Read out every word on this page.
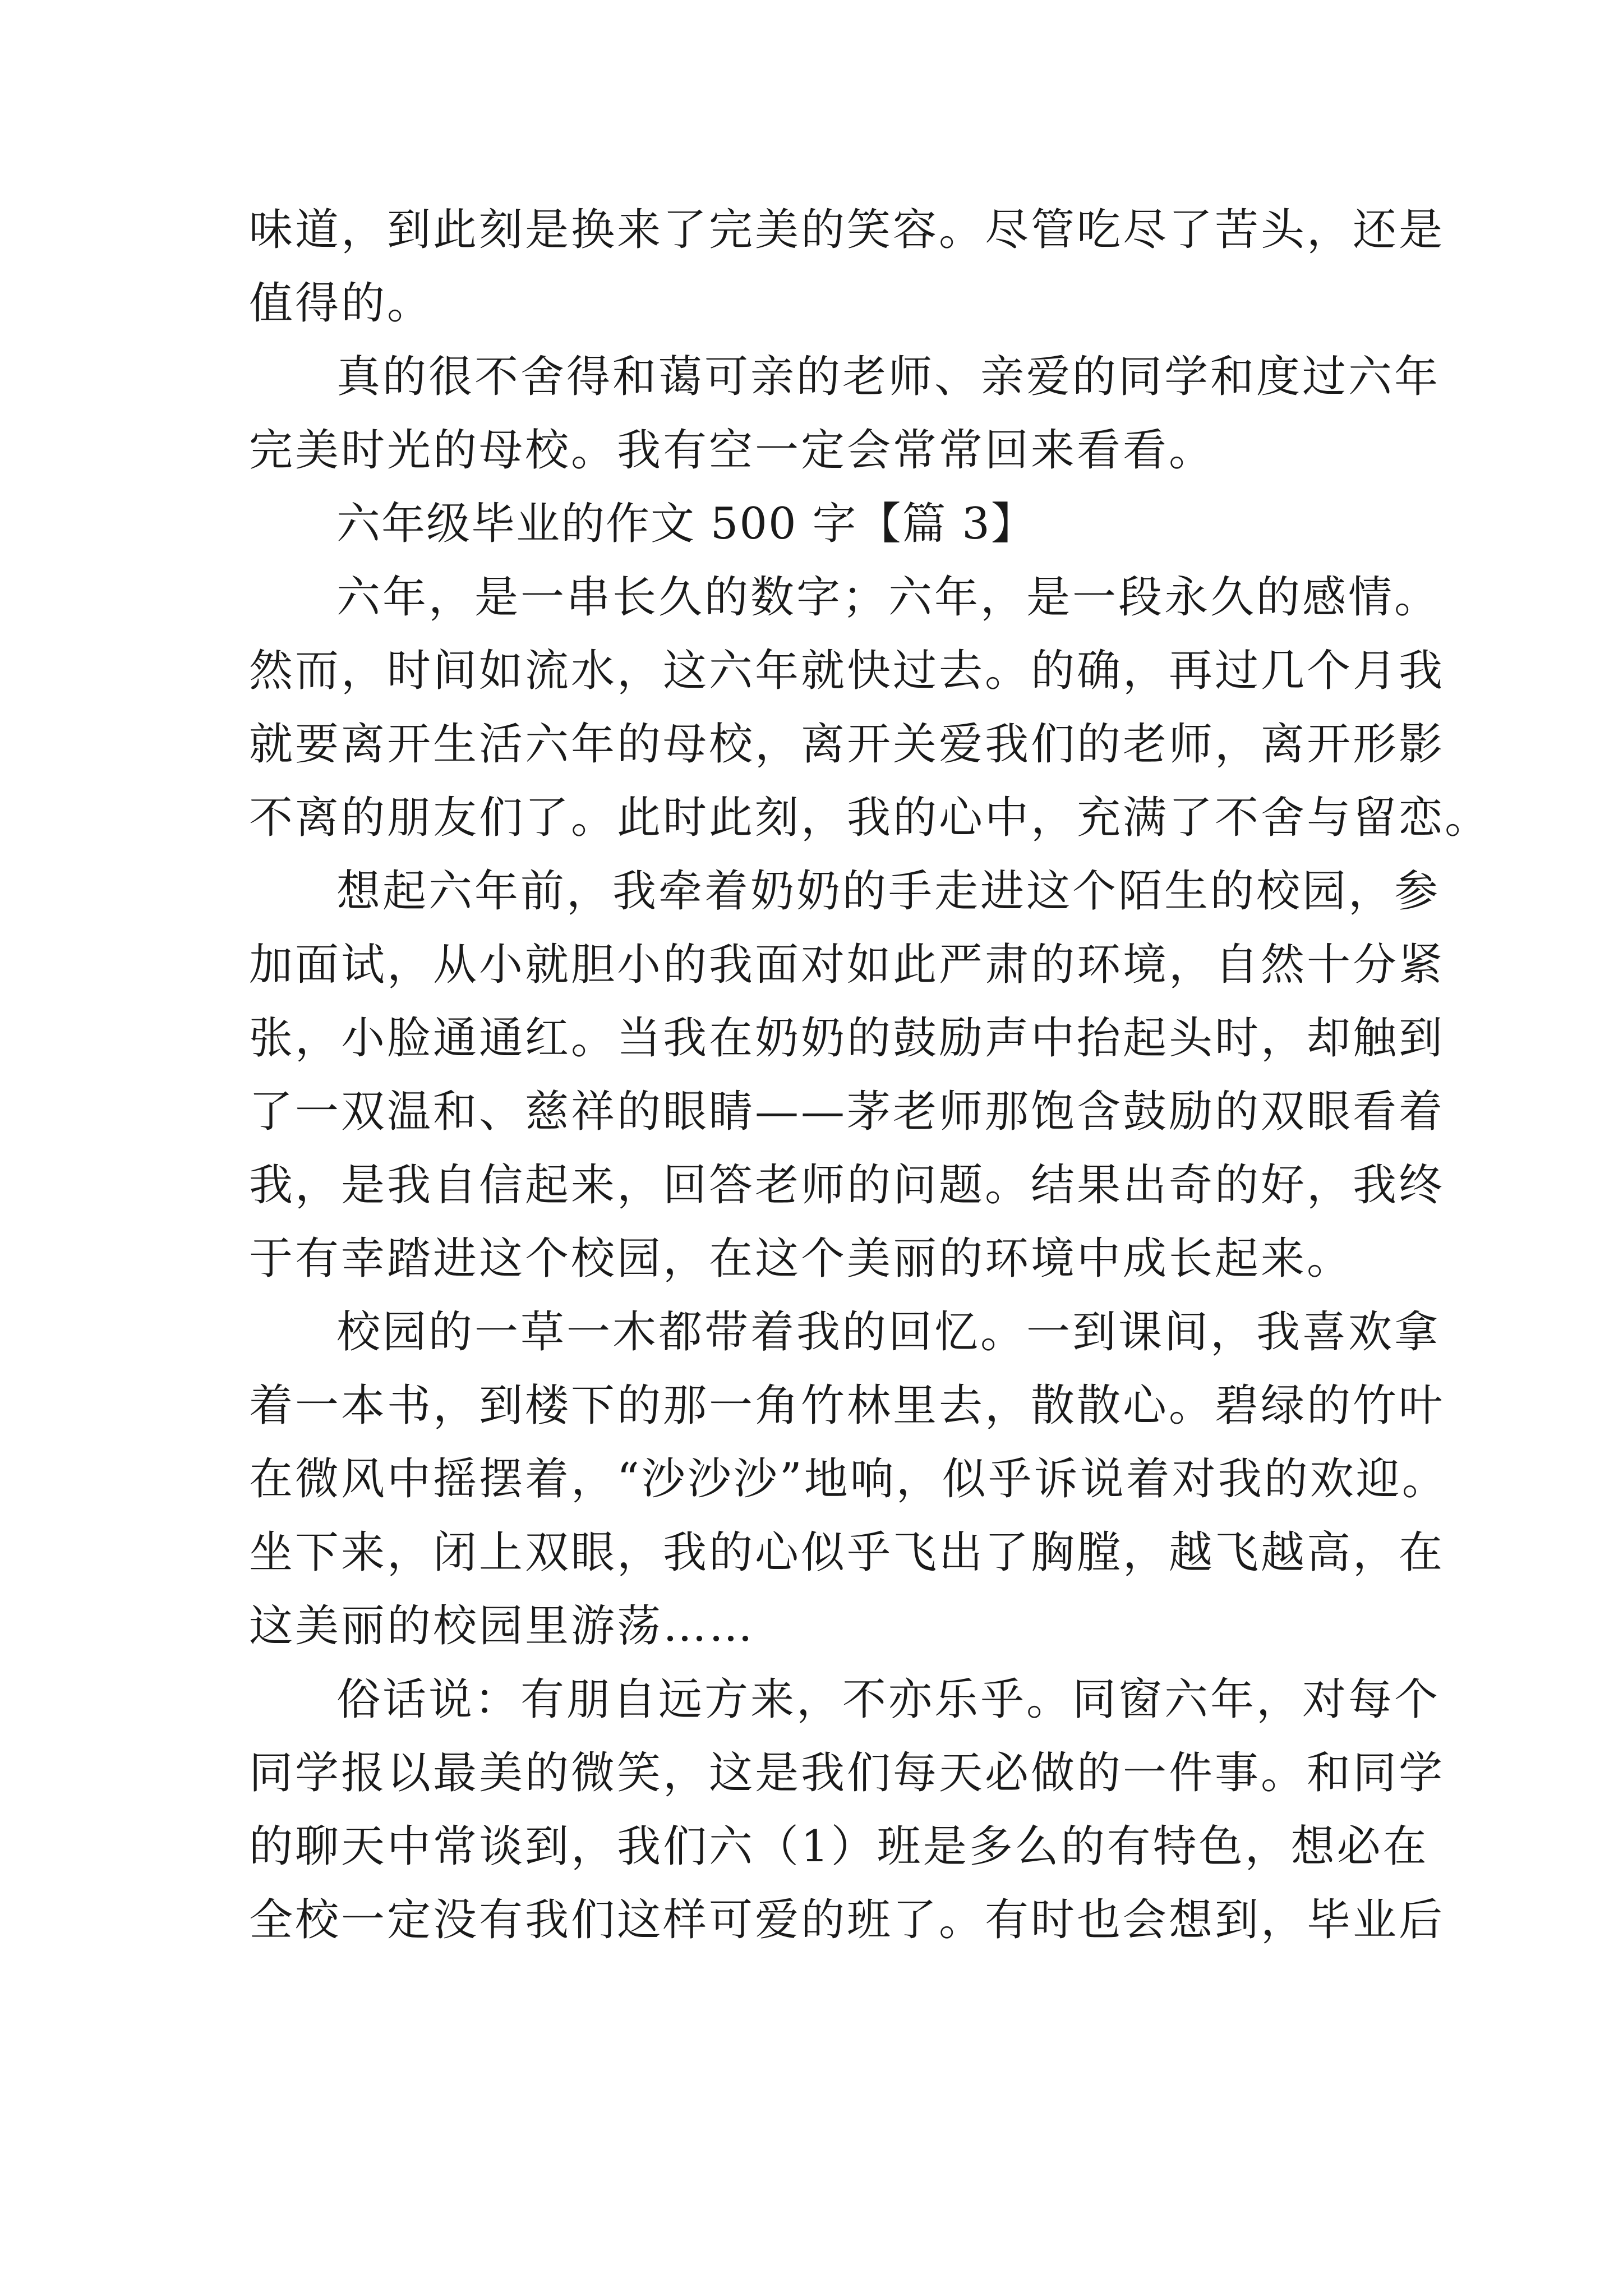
味道，到此刻是换来了完美的笑容。尽管吃尽了苦头，还是
值得的。
真的很不舍得和蔼可亲的老师、亲爱的同学和度过六年
完美时光的母校。我有空一定会常常回来看看。
六年级毕业的作文 500 字【篇 3】
六年，是一串长久的数字；六年，是一段永久的感情。
然而，时间如流水，这六年就快过去。的确，再过几个月我
就要离开生活六年的母校，离开关爱我们的老师，离开形影
不离的朋友们了。此时此刻，我的心中，充满了不舍与留恋。
想起六年前，我牵着奶奶的手走进这个陌生的校园，参
加面试，从小就胆小的我面对如此严肃的环境，自然十分紧
张，小脸通通红。当我在奶奶的鼓励声中抬起头时，却触到
了一双温和、慈祥的眼睛——茅老师那饱含鼓励的双眼看着
我，是我自信起来，回答老师的问题。结果出奇的好，我终
于有幸踏进这个校园，在这个美丽的环境中成长起来。
校园的一草一木都带着我的回忆。一到课间，我喜欢拿
着一本书，到楼下的那一角竹林里去，散散心。碧绿的竹叶
在微风中摇摆着，“沙沙沙”地响，似乎诉说着对我的欢迎。
坐下来，闭上双眼，我的心似乎飞出了胸膛，越飞越高，在
这美丽的校园里游荡……
俗话说：有朋自远方来，不亦乐乎。同窗六年，对每个
同学报以最美的微笑，这是我们每天必做的一件事。和同学
的聊天中常谈到，我们六（1）班是多么的有特色，想必在
全校一定没有我们这样可爱的班了。有时也会想到，毕业后
